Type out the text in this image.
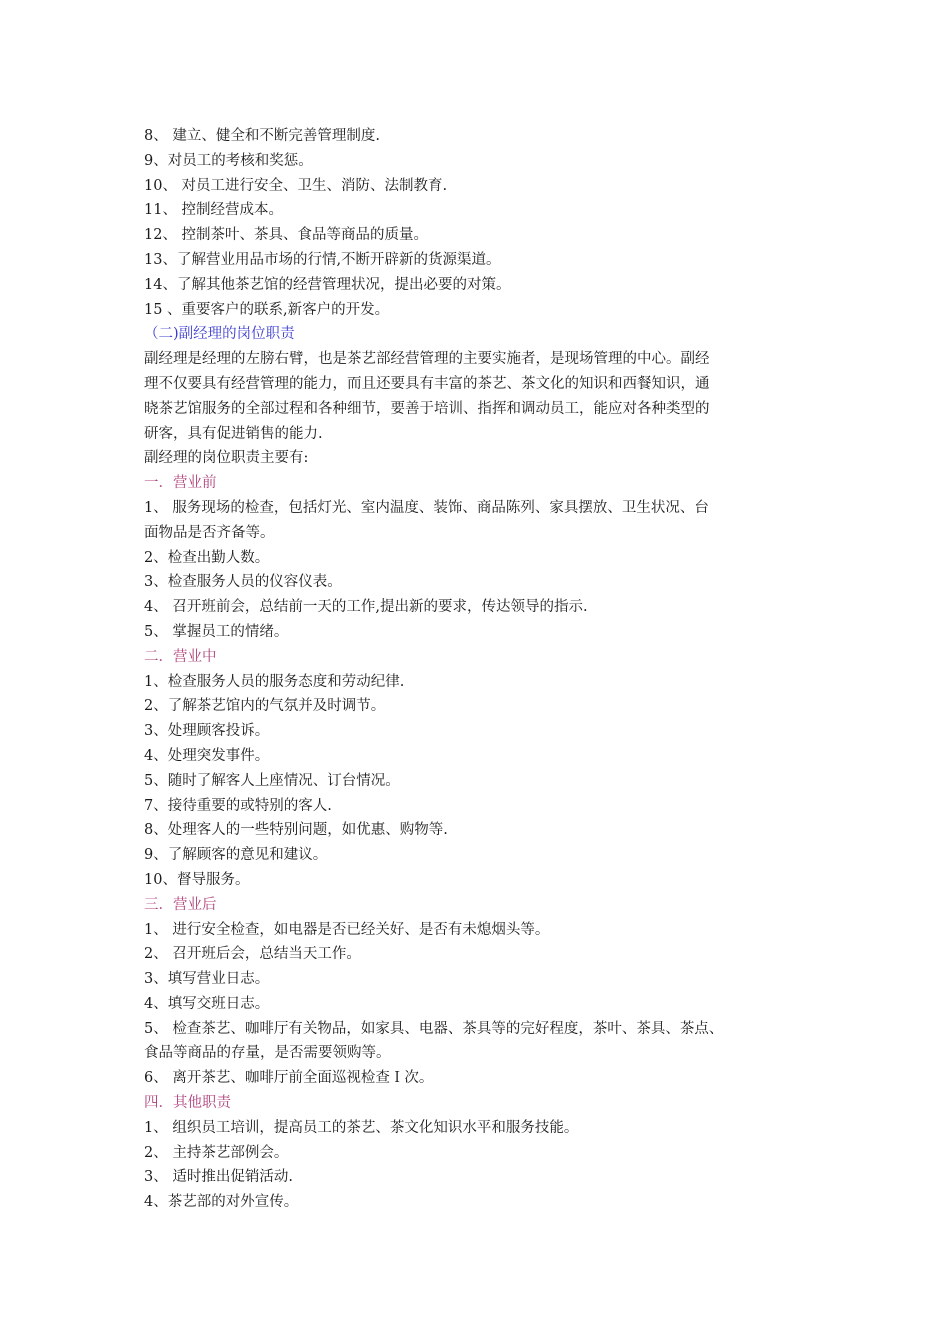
8、 建立、健全和不断完善管理制度.
9、对员工的考核和奖惩。
10、 对员工进行安全、卫生、消防、法制教育.
11、 控制经营成本。
12、 控制茶叶、茶具、食品等商品的质量。
13、了解营业用品市场的行情,不断开辟新的货源渠道。
14、了解其他茶艺馆的经营管理状况，提出必要的对策。
15 、重要客户的联系,新客户的开发。
（二)副经理的岗位职责
副经理是经理的左膀右臂，也是茶艺部经营管理的主要实施者，是现场管理的中心。副经
理不仅要具有经营管理的能力，而且还要具有丰富的茶艺、茶文化的知识和西餐知识，通
晓茶艺馆服务的全部过程和各种细节，要善于培训、指挥和调动员工，能应对各种类型的
研客，具有促进销售的能力.
副经理的岗位职责主要有:
一．营业前
1、 服务现场的检查，包括灯光、室内温度、装饰、商品陈列、家具摆放、卫生状况、台
面物品是否齐备等。
2、检查出勤人数。
3、检查服务人员的仪容仪表。
4、 召开班前会，总结前一天的工作,提出新的要求，传达领导的指示.
5、 掌握员工的情绪。
二．营业中
1、检查服务人员的服务态度和劳动纪律.
2、了解茶艺馆内的气氛并及时调节。
3、处理顾客投诉。
4、处理突发事件。
5、随时了解客人上座情况、订台情况。
7、接待重要的或特别的客人.
8、处理客人的一些特别问题，如优惠、购物等.
9、了解顾客的意见和建议。
10、督导服务。
三．营业后
1、 进行安全检查，如电器是否已经关好、是否有未熄烟头等。
2、 召开班后会，总结当天工作。
3、填写营业日志。
4、填写交班日志。
5、 检查茶艺、咖啡厅有关物品，如家具、电器、茶具等的完好程度，茶叶、茶具、茶点、
食品等商品的存量，是否需要领购等。
6、 离开茶艺、咖啡厅前全面巡视检查Ｉ次。
四．其他职责
1、 组织员工培训，提高员工的茶艺、茶文化知识水平和服务技能。
2、 主持茶艺部例会。
3、 适时推出促销活动.
4、茶艺部的对外宣传。
